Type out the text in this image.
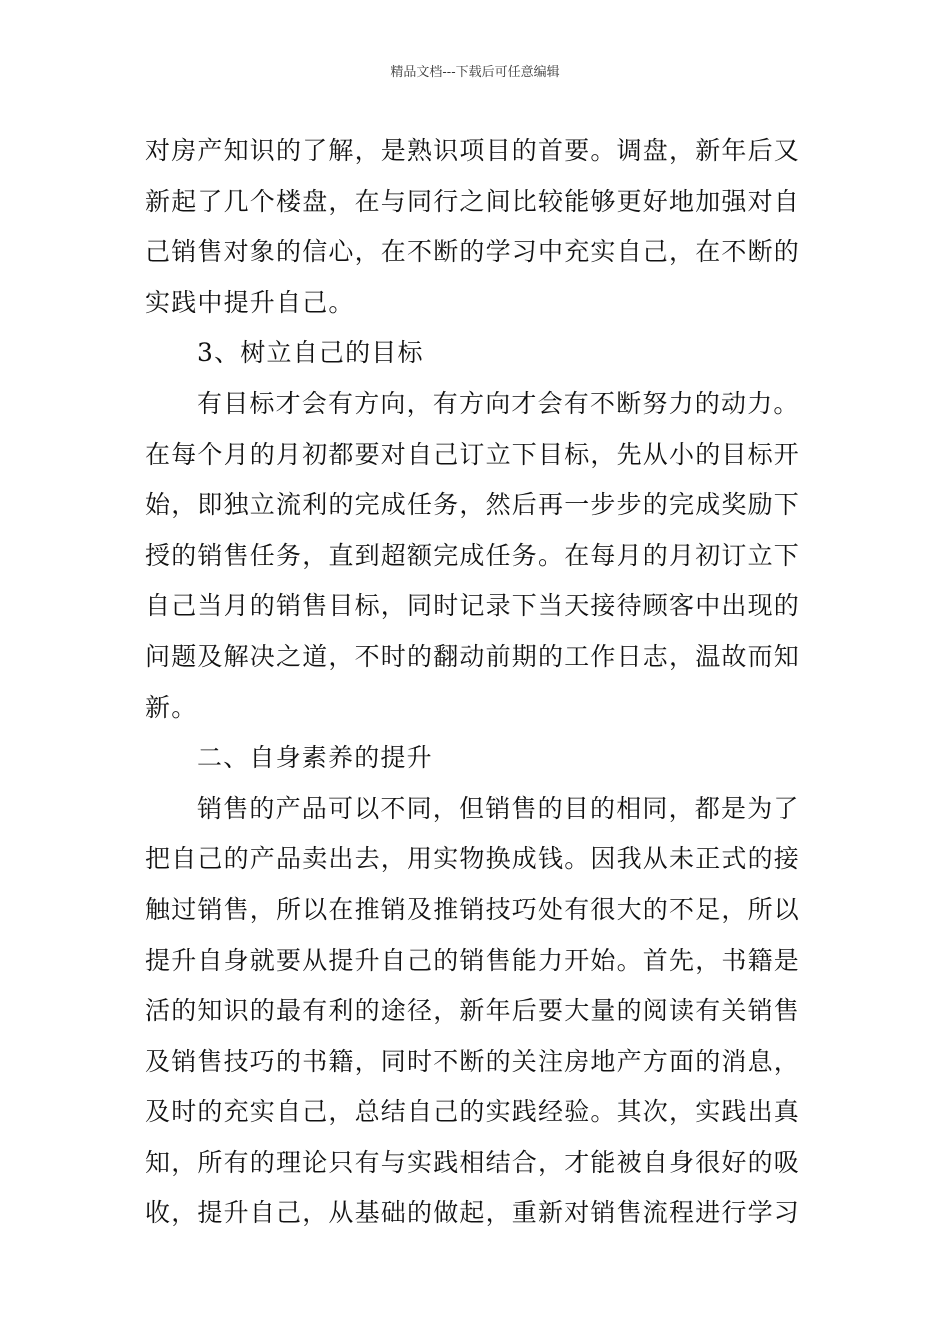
精品文档---下载后可任意编辑
对房产知识的了解，是熟识项目的首要。调盘，新年后又
新起了几个楼盘，在与同行之间比较能够更好地加强对自
己销售对象的信心，在不断的学习中充实自己，在不断的
实践中提升自己。
3、树立自己的目标
有目标才会有方向，有方向才会有不断努力的动力。
在每个月的月初都要对自己订立下目标，先从小的目标开
始，即独立流利的完成任务，然后再一步步的完成奖励下
授的销售任务，直到超额完成任务。在每月的月初订立下
自己当月的销售目标，同时记录下当天接待顾客中出现的
问题及解决之道，不时的翻动前期的工作日志，温故而知
新。
二、自身素养的提升
销售的产品可以不同，但销售的目的相同，都是为了
把自己的产品卖出去，用实物换成钱。因我从未正式的接
触过销售，所以在推销及推销技巧处有很大的不足，所以
提升自身就要从提升自己的销售能力开始。首先，书籍是
活的知识的最有利的途径，新年后要大量的阅读有关销售
及销售技巧的书籍，同时不断的关注房地产方面的消息，
及时的充实自己，总结自己的实践经验。其次，实践出真
知，所有的理论只有与实践相结合，才能被自身很好的吸
收，提升自己，从基础的做起，重新对销售流程进行学习
